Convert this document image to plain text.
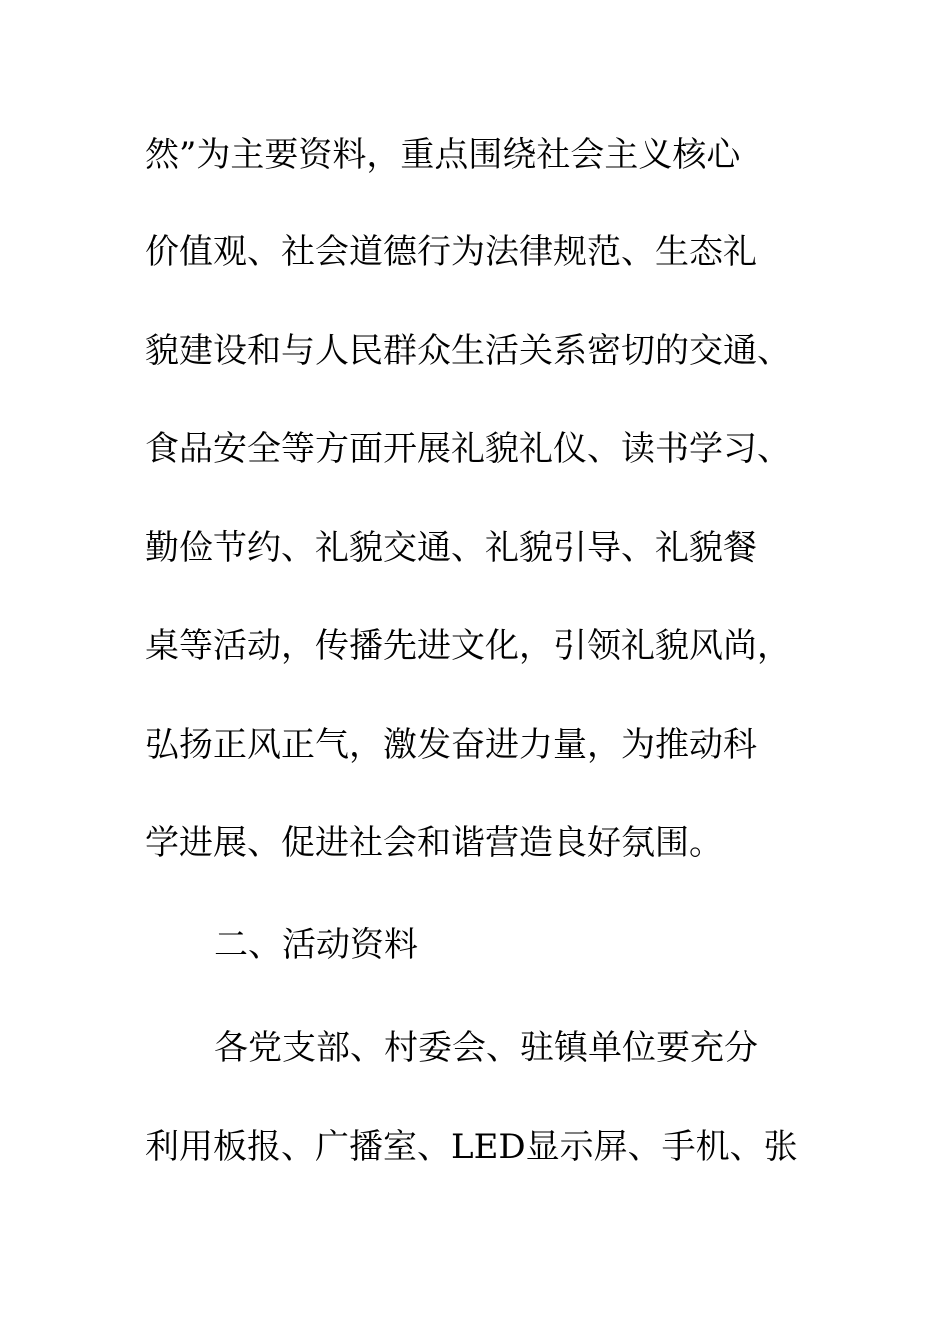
然”为主要资料，重点围绕社会主义核心
价值观、社会道德行为法律规范、生态礼
貌建设和与人民群众生活关系密切的交通、
食品安全等方面开展礼貌礼仪、读书学习、
勤俭节约、礼貌交通、礼貌引导、礼貌餐
桌等活动，传播先进文化，引领礼貌风尚，
弘扬正风正气，激发奋进力量，为推动科
学进展、促进社会和谐营造良好氛围。
二、活动资料
各党支部、村委会、驻镇单位要充分
利用板报、广播室、LED显示屏、手机、张
